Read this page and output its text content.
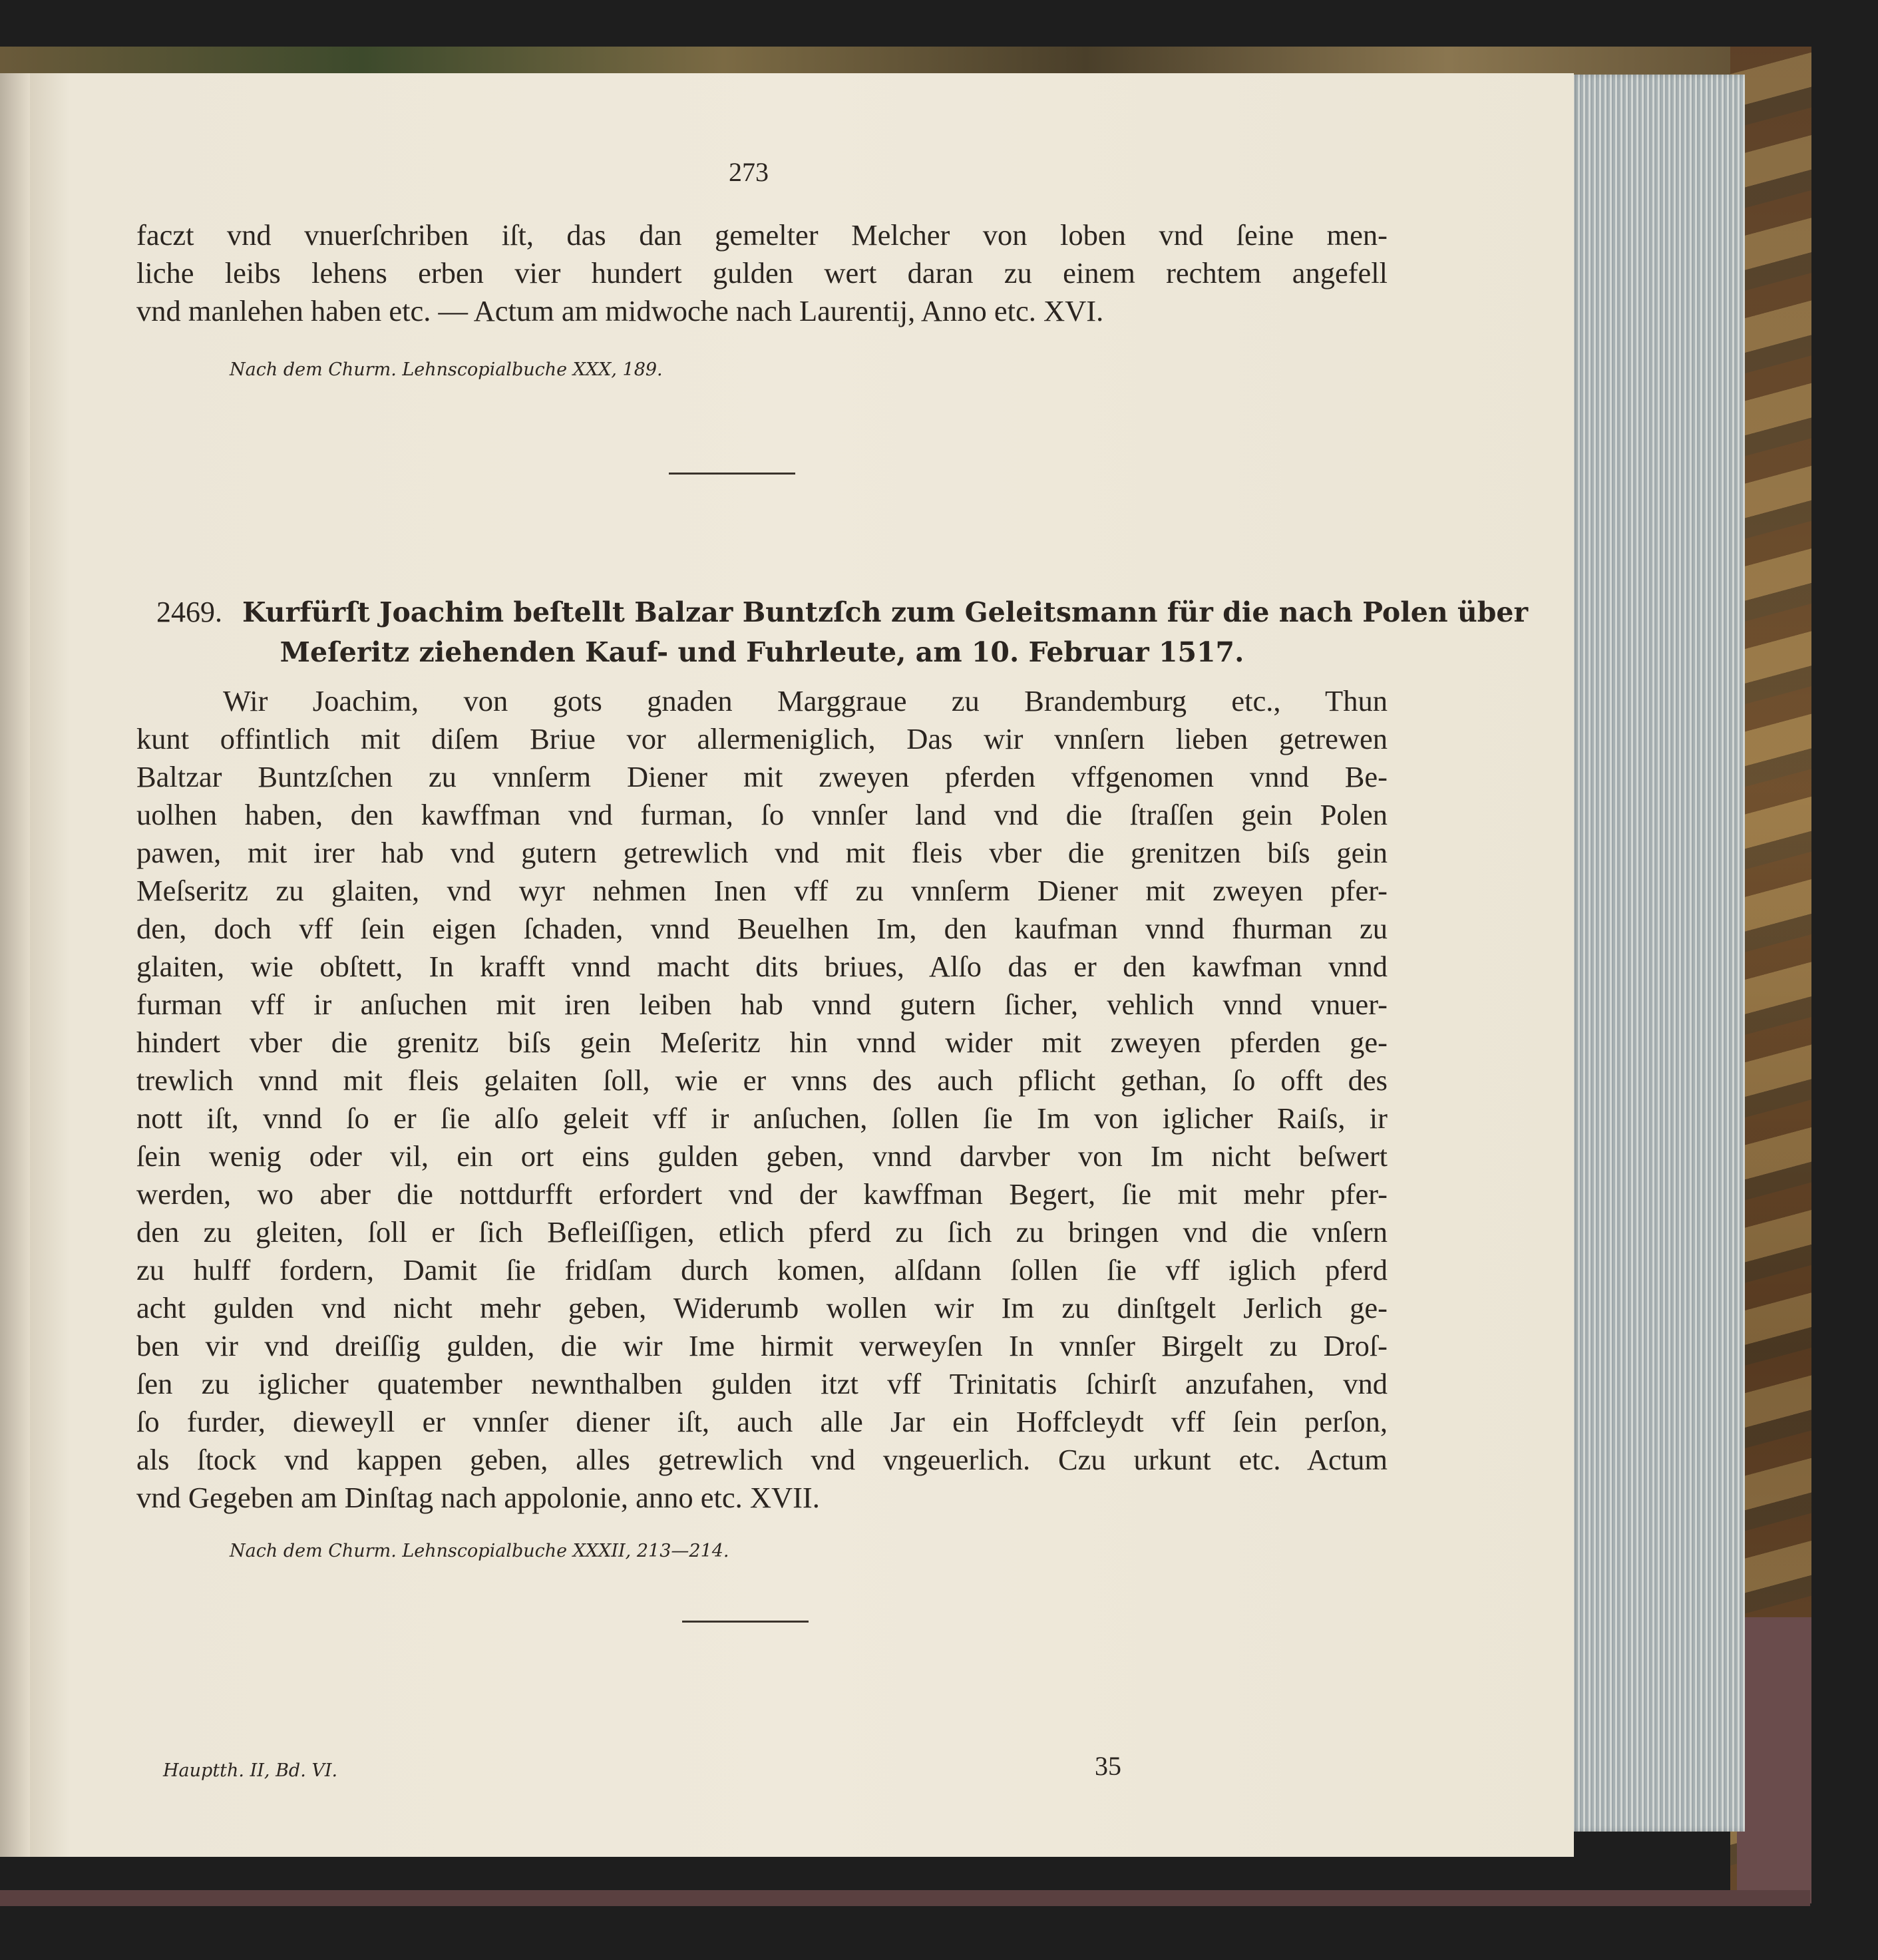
273
faczt vnd vnuerſchriben iſt, das dan gemelter Melcher von loben vnd ſeine men-
liche leibs lehens erben vier hundert gulden wert daran zu einem rechtem angefell
vnd manlehen haben etc. — Actum am midwoche nach Laurentij, Anno etc. XVI.
Nach dem Churm. Lehnscopialbuche XXX, 189.
2469. Kurfürſt Joachim beſtellt Balzar Buntzſch zum Geleitsmann für die nach Polen über
Meſeritz ziehenden Kauf- und Fuhrleute, am 10. Februar 1517.
Wir Joachim, von gots gnaden Marggraue zu Brandemburg etc., Thun
kunt offintlich mit diſem Briue vor allermeniglich, Das wir vnnſern lieben getrewen
Baltzar Buntzſchen zu vnnſerm Diener mit zweyen pferden vffgenomen vnnd Be-
uolhen haben, den kawffman vnd furman, ſo vnnſer land vnd die ſtraſſen gein Polen
pawen, mit irer hab vnd gutern getrewlich vnd mit fleis vber die grenitzen biſs gein
Meſseritz zu glaiten, vnd wyr nehmen Inen vff zu vnnſerm Diener mit zweyen pfer-
den, doch vff ſein eigen ſchaden, vnnd Beuelhen Im, den kaufman vnnd fhurman zu
glaiten, wie obſtett, In krafft vnnd macht dits briues, Alſo das er den kawfman vnnd
furman vff ir anſuchen mit iren leiben hab vnnd gutern ſicher, vehlich vnnd vnuer-
hindert vber die grenitz biſs gein Meſeritz hin vnnd wider mit zweyen pferden ge-
trewlich vnnd mit fleis gelaiten ſoll, wie er vnns des auch pflicht gethan, ſo offt des
nott iſt, vnnd ſo er ſie alſo geleit vff ir anſuchen, ſollen ſie Im von iglicher Raiſs, ir
ſein wenig oder vil, ein ort eins gulden geben, vnnd darvber von Im nicht beſwert
werden, wo aber die nottdurfft erfordert vnd der kawffman Begert, ſie mit mehr pfer-
den zu gleiten, ſoll er ſich Befleiſſigen, etlich pferd zu ſich zu bringen vnd die vnſern
zu hulff fordern, Damit ſie fridſam durch komen, alſdann ſollen ſie vff iglich pferd
acht gulden vnd nicht mehr geben, Widerumb wollen wir Im zu dinſtgelt Jerlich ge-
ben vir vnd dreiſſig gulden, die wir Ime hirmit verweyſen In vnnſer Birgelt zu Droſ-
ſen zu iglicher quatember newnthalben gulden itzt vff Trinitatis ſchirſt anzufahen, vnd
ſo furder, dieweyll er vnnſer diener iſt, auch alle Jar ein Hoffcleydt vff ſein perſon,
als ſtock vnd kappen geben, alles getrewlich vnd vngeuerlich. Czu urkunt etc. Actum
vnd Gegeben am Dinſtag nach appolonie, anno etc. XVII.
Nach dem Churm. Lehnscopialbuche XXXII, 213—214.
Hauptth. II, Bd. VI.	35
